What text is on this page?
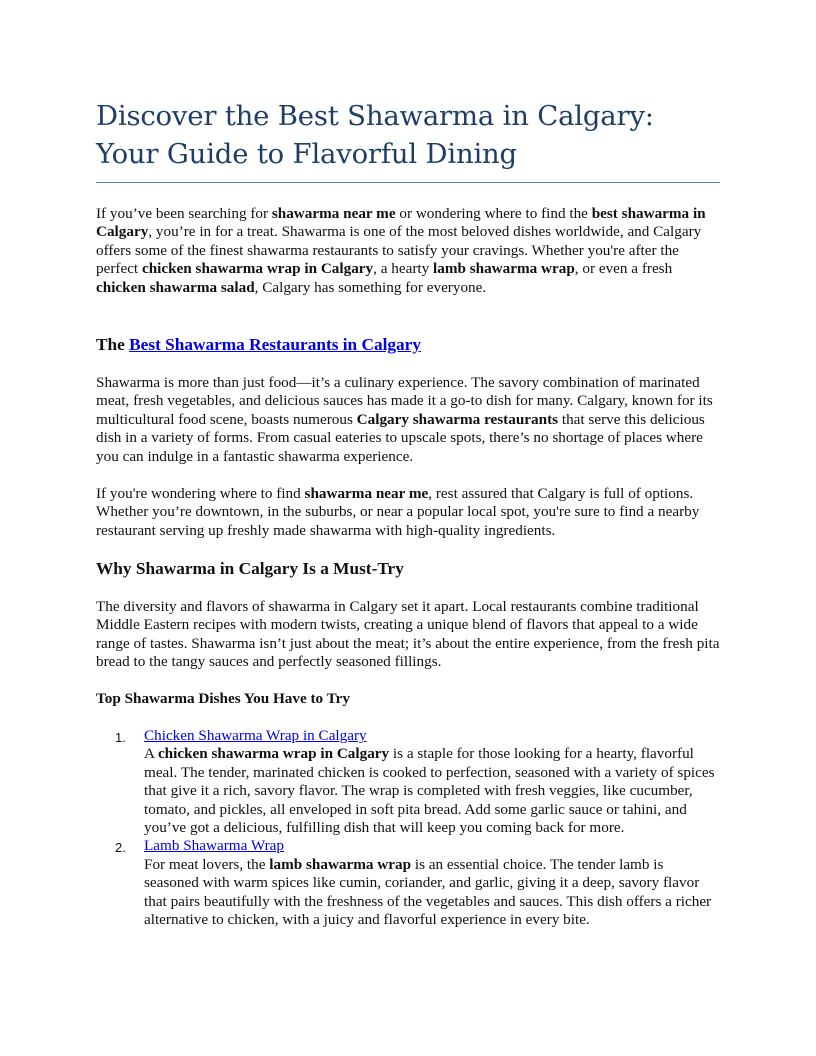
Discover the Best Shawarma in Calgary: Your Guide to Flavorful Dining

If you’ve been searching for shawarma near me or wondering where to find the best shawarma in Calgary, you’re in for a treat. Shawarma is one of the most beloved dishes worldwide, and Calgary offers some of the finest shawarma restaurants to satisfy your cravings. Whether you're after the perfect chicken shawarma wrap in Calgary, a hearty lamb shawarma wrap, or even a fresh chicken shawarma salad, Calgary has something for everyone.

The Best Shawarma Restaurants in Calgary

Shawarma is more than just food—it’s a culinary experience. The savory combination of marinated meat, fresh vegetables, and delicious sauces has made it a go-to dish for many. Calgary, known for its multicultural food scene, boasts numerous Calgary shawarma restaurants that serve this delicious dish in a variety of forms. From casual eateries to upscale spots, there’s no shortage of places where you can indulge in a fantastic shawarma experience.

If you're wondering where to find shawarma near me, rest assured that Calgary is full of options. Whether you’re downtown, in the suburbs, or near a popular local spot, you're sure to find a nearby restaurant serving up freshly made shawarma with high-quality ingredients.

Why Shawarma in Calgary Is a Must-Try

The diversity and flavors of shawarma in Calgary set it apart. Local restaurants combine traditional Middle Eastern recipes with modern twists, creating a unique blend of flavors that appeal to a wide range of tastes. Shawarma isn’t just about the meat; it’s about the entire experience, from the fresh pita bread to the tangy sauces and perfectly seasoned fillings.

Top Shawarma Dishes You Have to Try
1. Chicken Shawarma Wrap in Calgary
A chicken shawarma wrap in Calgary is a staple for those looking for a hearty, flavorful meal. The tender, marinated chicken is cooked to perfection, seasoned with a variety of spices that give it a rich, savory flavor. The wrap is completed with fresh veggies, like cucumber, tomato, and pickles, all enveloped in soft pita bread. Add some garlic sauce or tahini, and you’ve got a delicious, fulfilling dish that will keep you coming back for more.
2. Lamb Shawarma Wrap
For meat lovers, the lamb shawarma wrap is an essential choice. The tender lamb is seasoned with warm spices like cumin, coriander, and garlic, giving it a deep, savory flavor that pairs beautifully with the freshness of the vegetables and sauces. This dish offers a richer alternative to chicken, with a juicy and flavorful experience in every bite.
